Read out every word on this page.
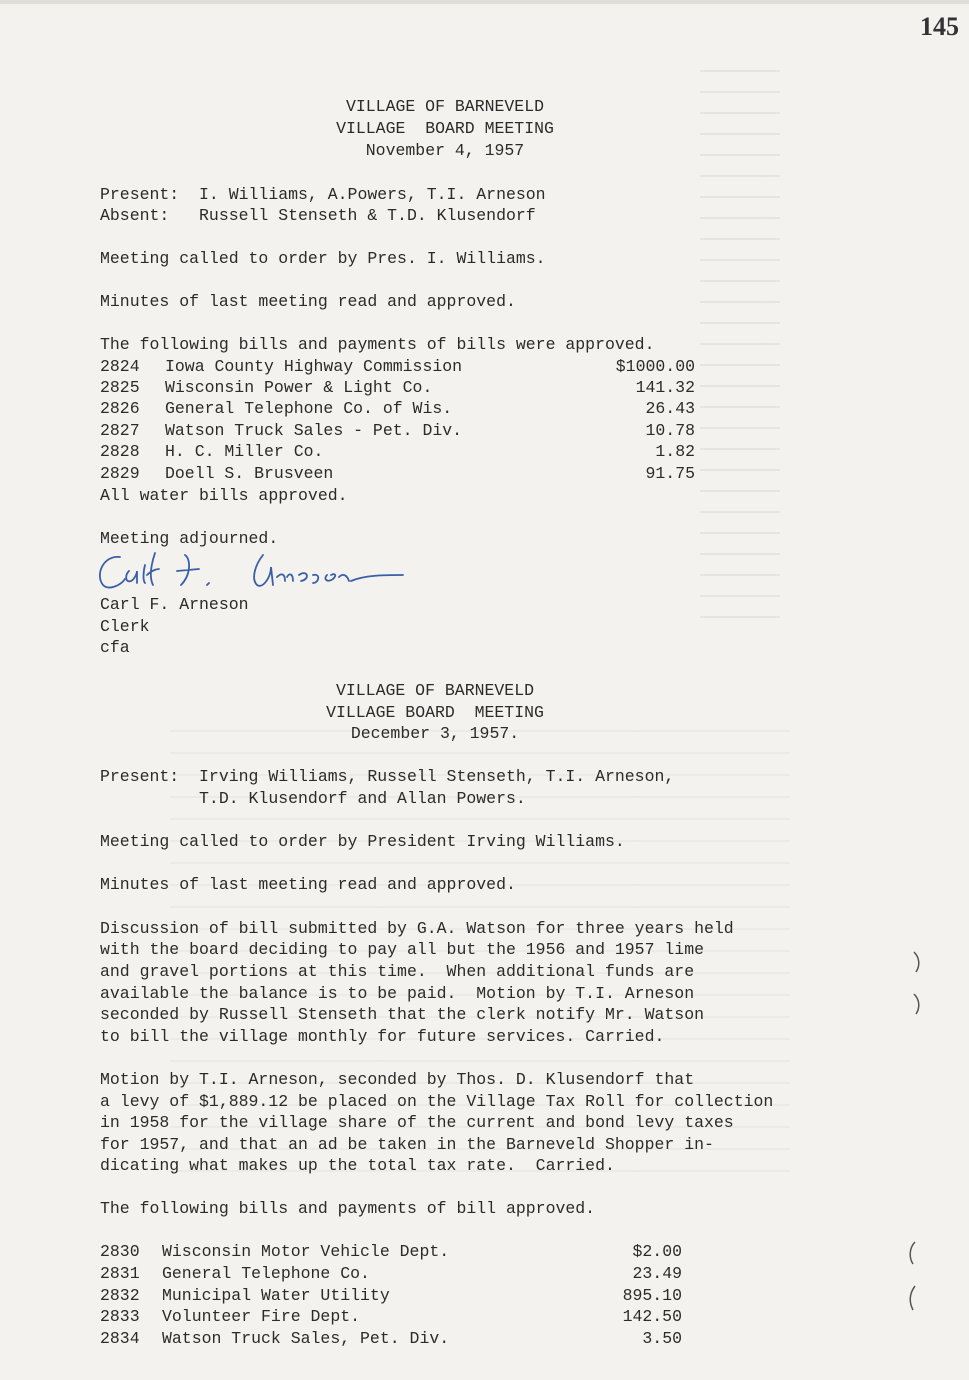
145
VILLAGE OF BARNEVELD
VILLAGE  BOARD MEETING
November 4, 1957
Present:  I. Williams, A.Powers, T.I. Arneson
Absent:   Russell Stenseth & T.D. Klusendorf
Meeting called to order by Pres. I. Williams.
Minutes of last meeting read and approved.
The following bills and payments of bills were approved.
2824 Iowa County Highway Commission	$1000.00
2825 Wisconsin Power & Light Co.	141.32
2826 General Telephone Co. of Wis.	26.43
2827 Watson Truck Sales - Pet. Div.	10.78
2828 H. C. Miller Co.	1.82
2829 Doell S. Brusveen	91.75
All water bills approved.
Meeting adjourned.
Carl F. Arneson
Clerk
cfa
VILLAGE OF BARNEVELD
VILLAGE BOARD  MEETING
December 3, 1957.
Present:  Irving Williams, Russell Stenseth, T.I. Arneson,
T.D. Klusendorf and Allan Powers.
Meeting called to order by President Irving Williams.
Minutes of last meeting read and approved.
Discussion of bill submitted by G.A. Watson for three years held
with the board deciding to pay all but the 1956 and 1957 lime
and gravel portions at this time.  When additional funds are
available the balance is to be paid.  Motion by T.I. Arneson
seconded by Russell Stenseth that the clerk notify Mr. Watson
to bill the village monthly for future services. Carried.
Motion by T.I. Arneson, seconded by Thos. D. Klusendorf that
a levy of $1,889.12 be placed on the Village Tax Roll for collection
in 1958 for the village share of the current and bond levy taxes
for 1957, and that an ad be taken in the Barneveld Shopper in-
dicating what makes up the total tax rate.  Carried.
The following bills and payments of bill approved.
2830 Wisconsin Motor Vehicle Dept.	$2.00
2831 General Telephone Co.	23.49
2832 Municipal Water Utility	895.10
2833 Volunteer Fire Dept.	142.50
2834 Watson Truck Sales, Pet. Div.	3.50
